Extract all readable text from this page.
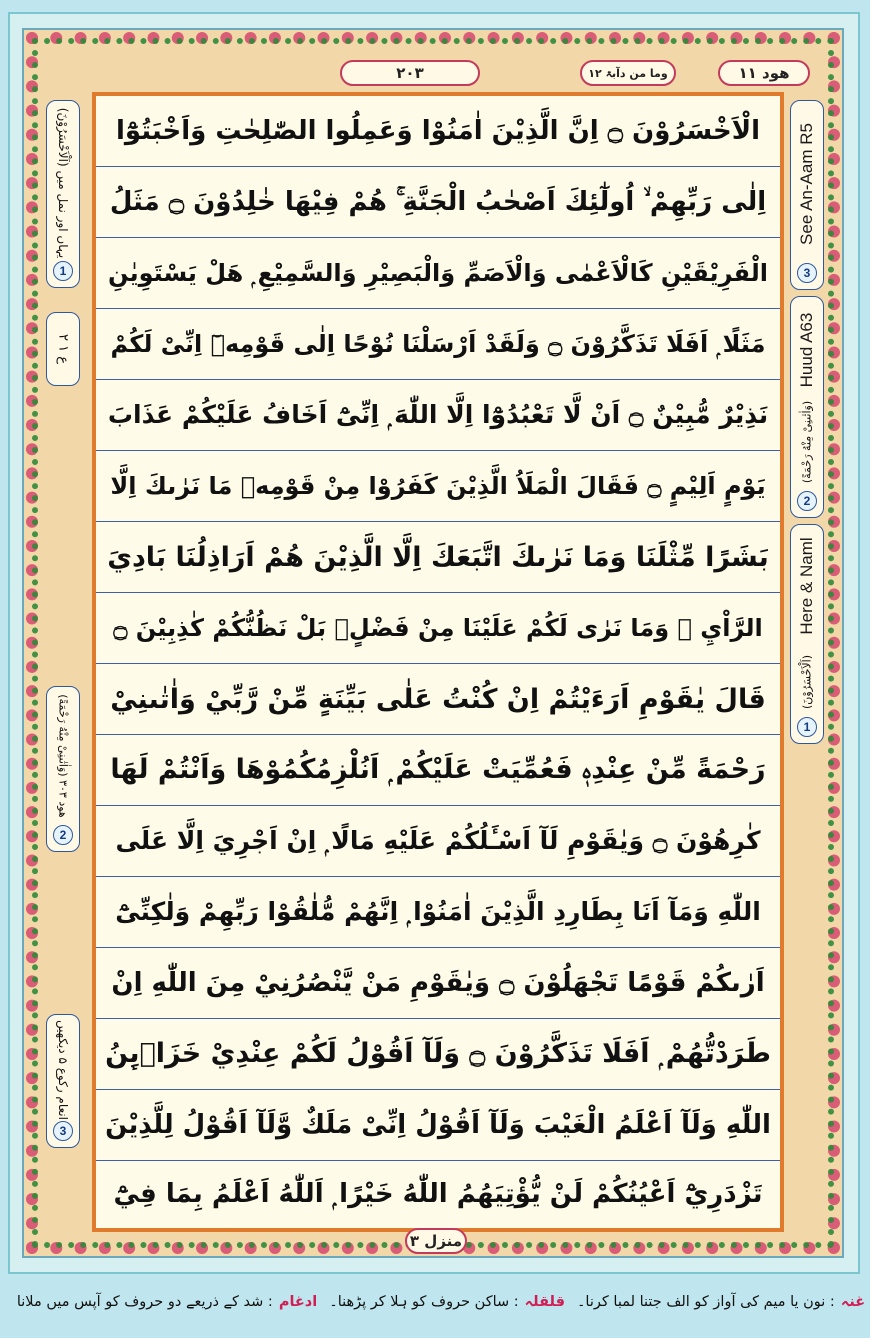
۲۰۳	ھود ۱۱
وما من دآبۃ ۱۲
(اَلْاَخْسَرُوْنَ) یہاں اور نمل میں
1
ع ۱ ۲
(وَاٰتٰىنِیْ مِنْهُ رَحْمَةً) ھود ۳۰۳
2
انعام رکوع ۵ دیکھیں
3
See An-Aam R5
3
Huud A63
(وَاٰتٰىنِیْ مِنْهُ رَحْمَةً)
2
Here & Naml
(اَلْاَخْسَرُوْنَ)
1
الْاَخْسَرُوْنَ ۝ اِنَّ الَّذِيْنَ اٰمَنُوْا وَعَمِلُوا الصّٰلِحٰتِ وَاَخْبَتُوْٓا
اِلٰى رَبِّهِمْ ۙ اُولٰٓئِكَ اَصْحٰبُ الْجَنَّةِ ۚ هُمْ فِيْهَا خٰلِدُوْنَ ۝ مَثَلُ
الْفَرِيْقَيْنِ كَالْاَعْمٰى وَالْاَصَمِّ وَالْبَصِيْرِ وَالسَّمِيْعِ ۭ هَلْ يَسْتَوِيٰنِ
مَثَلًا ۭ اَفَلَا تَذَكَّرُوْنَ ۝ وَلَقَدْ اَرْسَلْنَا نُوْحًا اِلٰى قَوْمِهٖٓ اِنِّىْ لَكُمْ
نَذِيْرٌ مُّبِيْنٌ ۝ اَنْ لَّا تَعْبُدُوْٓا اِلَّا اللّٰهَ ۭ اِنِّىْٓ اَخَافُ عَلَيْكُمْ عَذَابَ
يَوْمٍ اَلِيْمٍ ۝ فَقَالَ الْمَلَاُ الَّذِيْنَ كَفَرُوْا مِنْ قَوْمِهٖ مَا نَرٰىكَ اِلَّا
بَشَرًا مِّثْلَنَا وَمَا نَرٰىكَ اتَّبَعَكَ اِلَّا الَّذِيْنَ هُمْ اَرَاذِلُنَا بَادِيَ
الرَّاْيِ ۚ وَمَا نَرٰى لَكُمْ عَلَيْنَا مِنْ فَضْلٍۢ بَلْ نَظُنُّكُمْ كٰذِبِيْنَ ۝
قَالَ يٰقَوْمِ اَرَءَيْتُمْ اِنْ كُنْتُ عَلٰى بَيِّنَةٍ مِّنْ رَّبِّيْ وَاٰتٰىنِيْ
رَحْمَةً مِّنْ عِنْدِهٖ فَعُمِّيَتْ عَلَيْكُمْ ۭ اَنُلْزِمُكُمُوْهَا وَاَنْتُمْ لَهَا
كٰرِهُوْنَ ۝ وَيٰقَوْمِ لَآ اَسْـَٔلُكُمْ عَلَيْهِ مَالًا ۭ اِنْ اَجْرِيَ اِلَّا عَلَى
اللّٰهِ وَمَآ اَنَا بِطَارِدِ الَّذِيْنَ اٰمَنُوْا ۭ اِنَّهُمْ مُّلٰقُوْا رَبِّهِمْ وَلٰكِنِّىْٓ
اَرٰىكُمْ قَوْمًا تَجْهَلُوْنَ ۝ وَيٰقَوْمِ مَنْ يَّنْصُرُنِيْ مِنَ اللّٰهِ اِنْ
طَرَدْتُّهُمْ ۭ اَفَلَا تَذَكَّرُوْنَ ۝ وَلَآ اَقُوْلُ لَكُمْ عِنْدِيْ خَزَاۗىِٕنُ
اللّٰهِ وَلَآ اَعْلَمُ الْغَيْبَ وَلَآ اَقُوْلُ اِنِّىْ مَلَكٌ وَّلَآ اَقُوْلُ لِلَّذِيْنَ
تَزْدَرِيْٓ اَعْيُنُكُمْ لَنْ يُّؤْتِيَهُمُ اللّٰهُ خَيْرًا ۭ اَللّٰهُ اَعْلَمُ بِمَا فِيْٓ
منزل ۳
غنہ
: نون یا میم کی آواز کو الف جتنا لمبا کرنا۔
قلقلہ
: ساکن حروف کو ہلا کر پڑھنا۔
ادغام
: شد کے ذریعے دو حروف کو آپس میں ملانا
